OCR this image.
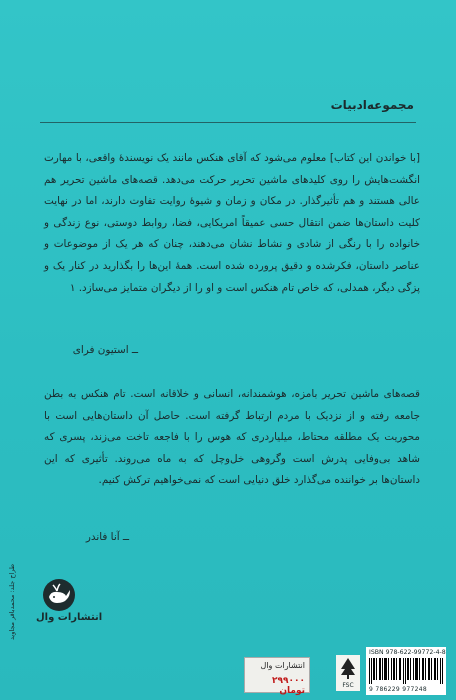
مجموعه‌ادبیات
[با خواندن این کتاب] معلوم می‌شود که آقای هنکس مانند یک نویسندهٔ واقعی، با مهارت انگشت‌هایش را روی کلیدهای ماشین تحریر حرکت می‌دهد. قصه‌های ماشین تحریر هم عالی هستند و هم تأثیرگذار. در مکان و زمان و شیوهٔ روایت تفاوت دارند، اما در نهایت کلیت داستان‌ها ضمن انتقال حسی عمیقاً امریکایی، فضا، روابط دوستی، نوع زندگی و خانواده را با رنگی از شادی و نشاط نشان می‌دهند، چنان که هر یک از موضوعات و عناصر داستان، فکرشده و دقیق پرورده شده است. همهٔ این‌ها را بگذارید در کنار یک و پزگی دیگر، همدلی، که خاص تام هنکس است و او را از دیگران متمایز می‌سازد. ۱
ــ استیون فرای
قصه‌های ماشین تحریر بامزه، هوشمندانه، انسانی و خلاقانه است. تام هنکس به بطن جامعه رفته و از نزدیک با مردم ارتباط گرفته است. حاصل آن داستان‌هایی است با محوریت یک مطلقه محتاط، میلیاردری که هوس را با فاجعه تاخت می‌زند، پسری که شاهد بی‌وفایی پدرش است وگروهی خل‌وچل که به ماه می‌روند. تأثیری که این داستان‌ها بر خواننده می‌گذارد خلق دنیایی است که نمی‌خواهیم ترکش کنیم.
ــ آنا فاندر
انتشارات وال
طراح جلد: محمدباقر مجاوید
انتشارات وال
۲۹۹۰۰۰ تومان
FSC
ISBN 978-622-99772-4-8
9 786229 977248
